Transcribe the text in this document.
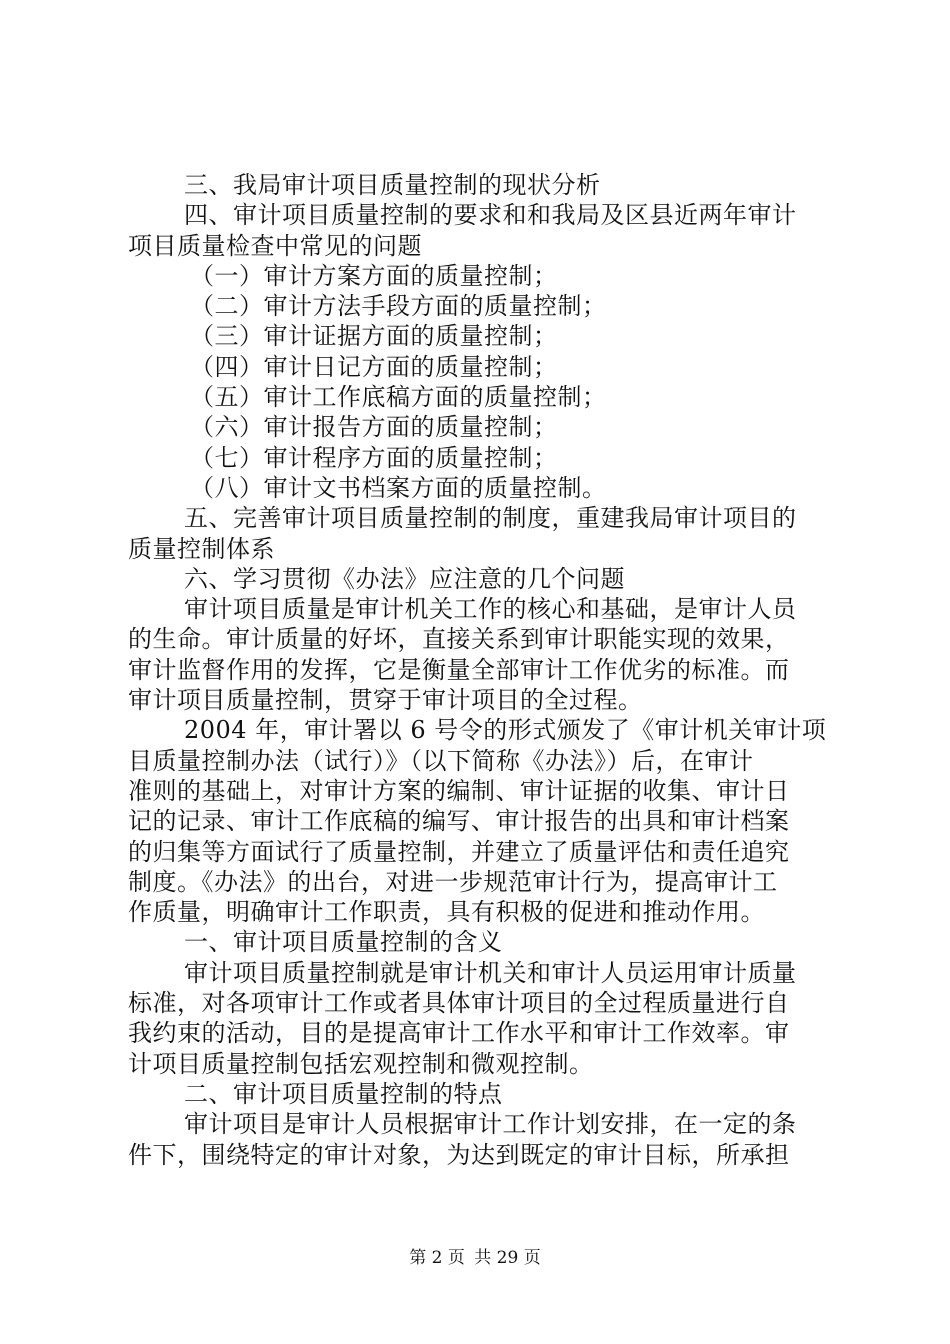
三、我局审计项目质量控制的现状分析
四、审计项目质量控制的要求和和我局及区县近两年审计
项目质量检查中常见的问题
（一）审计方案方面的质量控制；
（二）审计方法手段方面的质量控制；
（三）审计证据方面的质量控制；
（四）审计日记方面的质量控制；
（五）审计工作底稿方面的质量控制；
（六）审计报告方面的质量控制；
（七）审计程序方面的质量控制；
（八）审计文书档案方面的质量控制。
五、完善审计项目质量控制的制度，重建我局审计项目的
质量控制体系
六、学习贯彻《办法》应注意的几个问题
审计项目质量是审计机关工作的核心和基础，是审计人员
的生命。审计质量的好坏，直接关系到审计职能实现的效果，
审计监督作用的发挥，它是衡量全部审计工作优劣的标准。而
审计项目质量控制，贯穿于审计项目的全过程。
2004 年，审计署以 6 号令的形式颁发了《审计机关审计项
目质量控制办法（试行）》（以下简称《办法》）后，在审计
准则的基础上，对审计方案的编制、审计证据的收集、审计日
记的记录、审计工作底稿的编写、审计报告的出具和审计档案
的归集等方面试行了质量控制，并建立了质量评估和责任追究
制度。《办法》的出台，对进一步规范审计行为，提高审计工
作质量，明确审计工作职责，具有积极的促进和推动作用。
一、审计项目质量控制的含义
审计项目质量控制就是审计机关和审计人员运用审计质量
标准，对各项审计工作或者具体审计项目的全过程质量进行自
我约束的活动，目的是提高审计工作水平和审计工作效率。审
计项目质量控制包括宏观控制和微观控制。
二、审计项目质量控制的特点
审计项目是审计人员根据审计工作计划安排，在一定的条
件下，围绕特定的审计对象，为达到既定的审计目标，所承担
第 2 页 共 29 页
